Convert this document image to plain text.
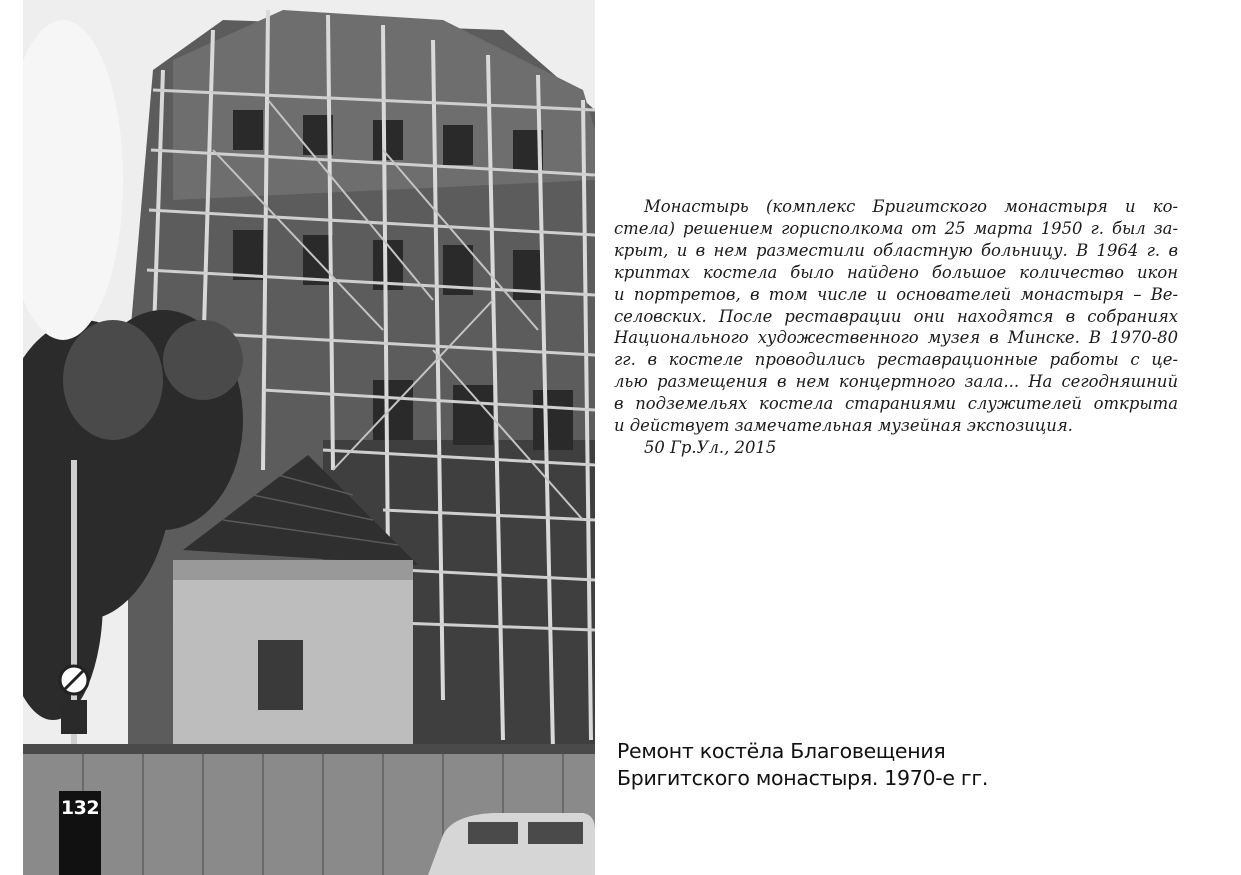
132
Монастырь (комплекс Бригитского монастыря и ко-
стела) решением горисполкома от 25 марта 1950 г. был за-
крыт, и в нем разместили областную больницу. В 1964 г. в
криптах костела было найдено большое количество икон
и портретов, в том числе и основателей монастыря – Ве-
селовских. После реставрации они находятся в собраниях
Национального художественного музея в Минске. В 1970-80
гг. в костеле проводились реставрационные работы с це-
лью размещения в нем концертного зала... На сегодняшний
в подземельях костела стараниями служителей открыта
и действует замечательная музейная экспозиция.
50 Гр.Ул., 2015
Ремонт костёла Благовещения
Бригитского монастыря. 1970-е гг.
